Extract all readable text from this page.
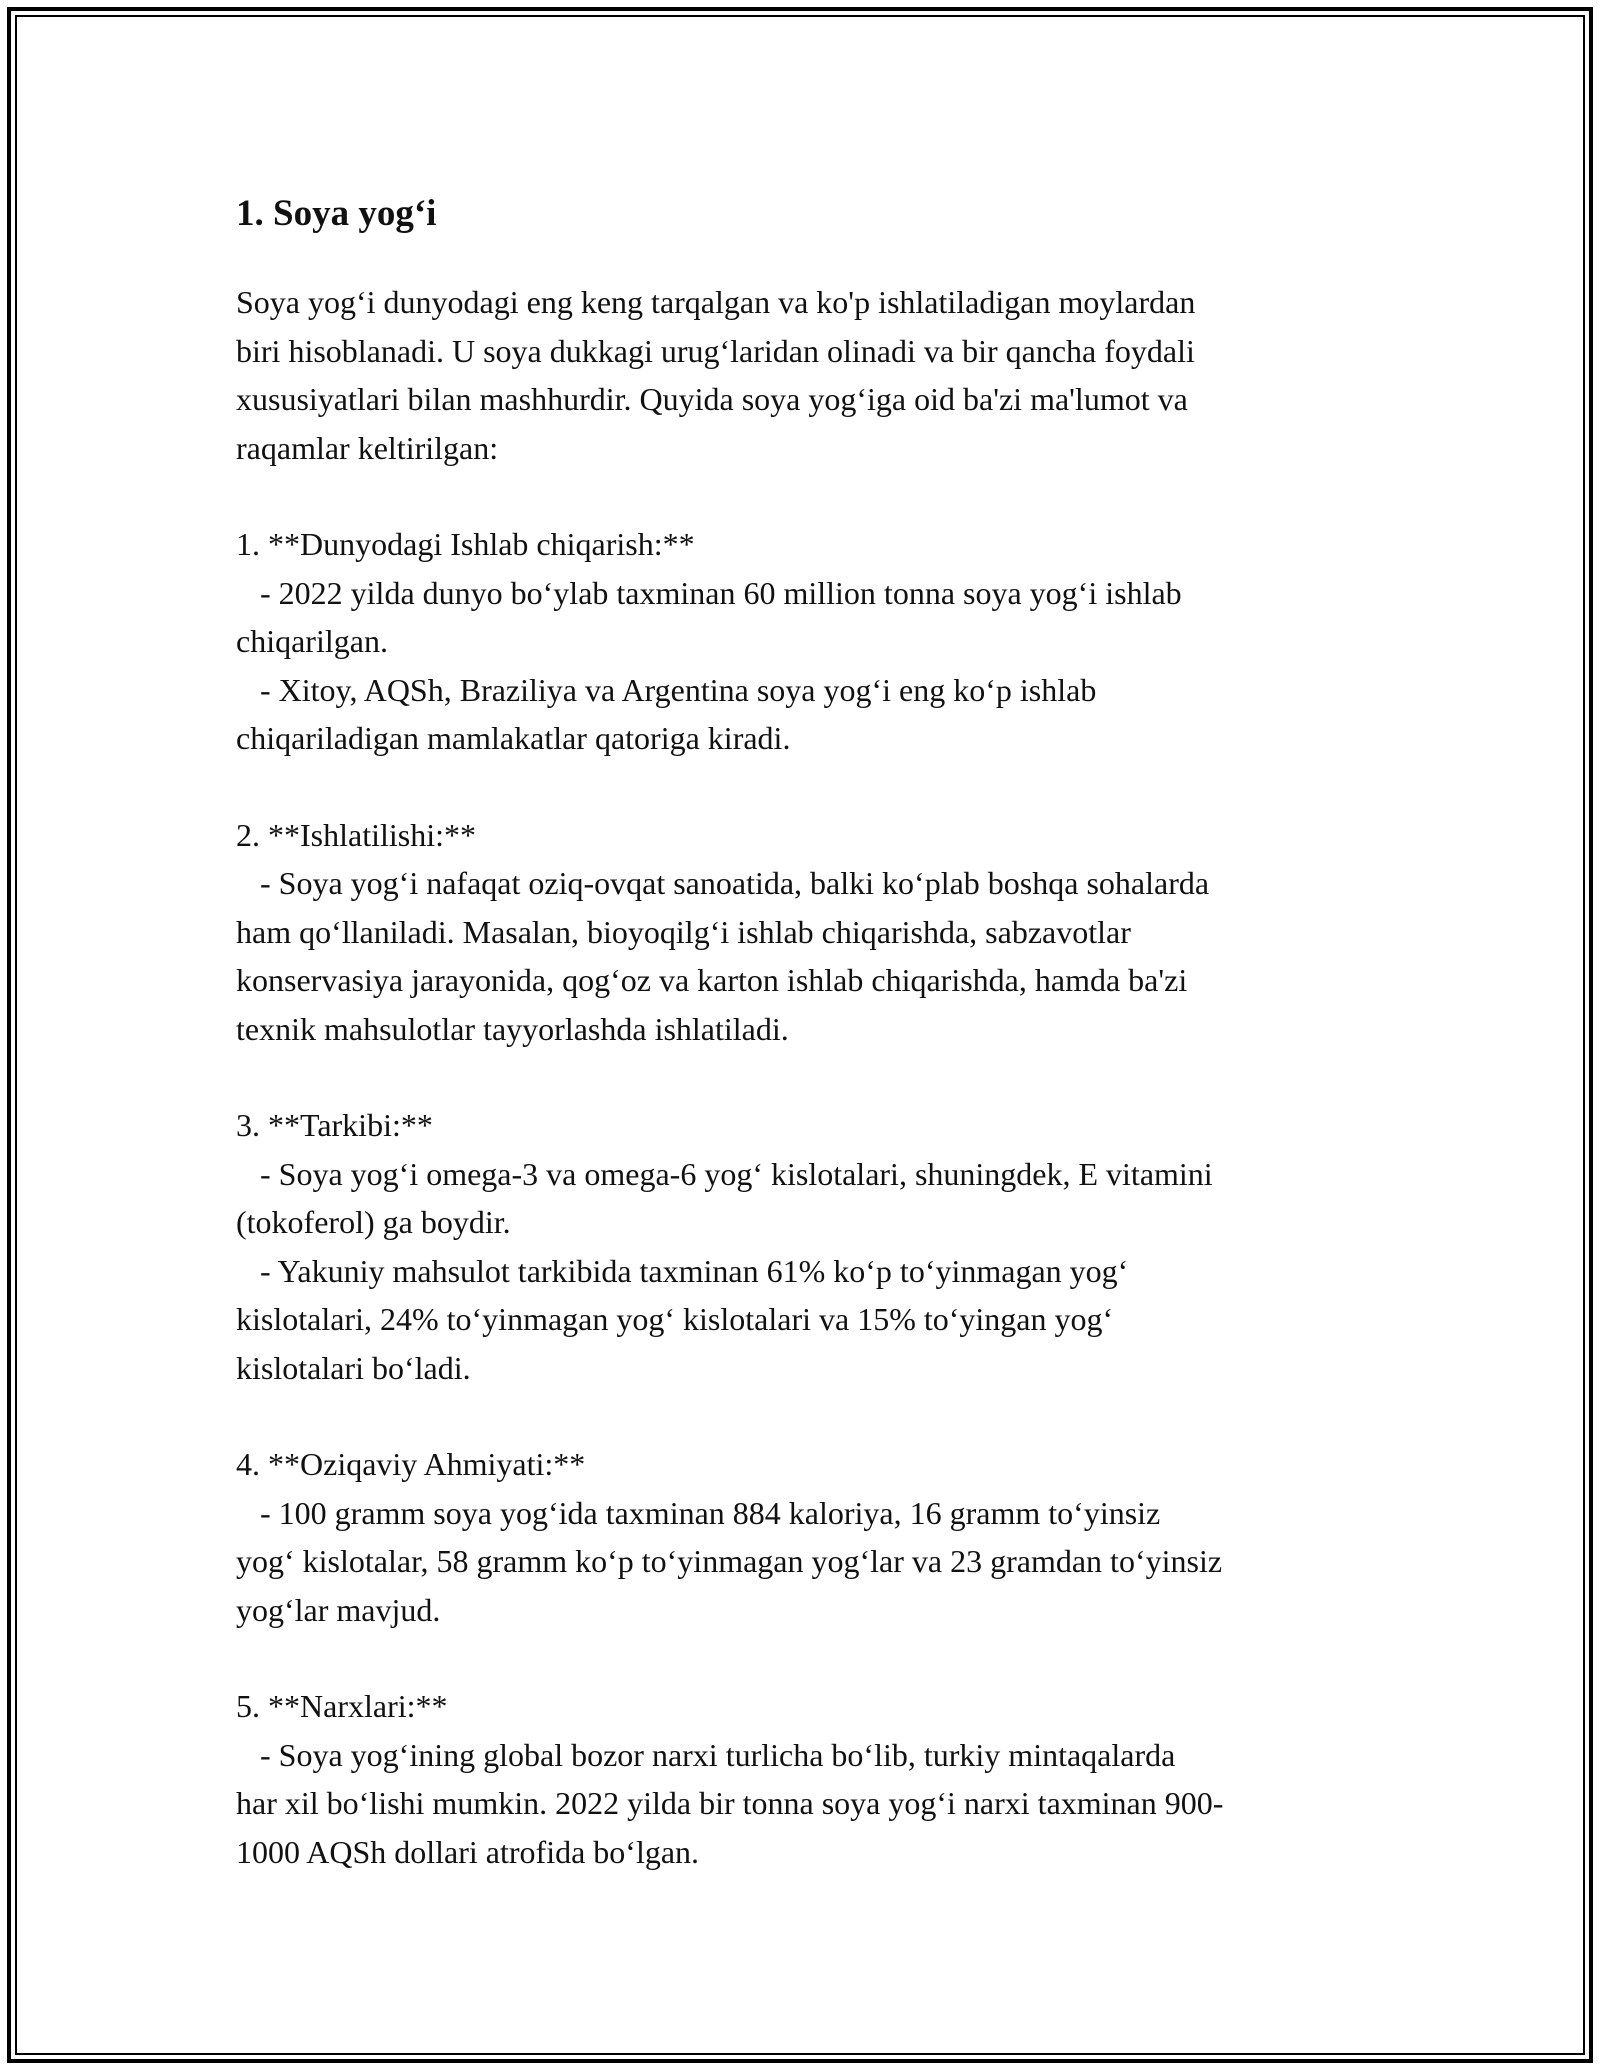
1. Soya yog‘i

Soya yog‘i dunyodagi eng keng tarqalgan va ko'p ishlatiladigan moylardan
biri hisoblanadi. U soya dukkagi urug‘laridan olinadi va bir qancha foydali
xususiyatlari bilan mashhurdir. Quyida soya yog‘iga oid ba'zi ma'lumot va
raqamlar keltirilgan:

1. **Dunyodagi Ishlab chiqarish:**
- 2022 yilda dunyo bo‘ylab taxminan 60 million tonna soya yog‘i ishlab
chiqarilgan.
- Xitoy, AQSh, Braziliya va Argentina soya yog‘i eng ko‘p ishlab
chiqariladigan mamlakatlar qatoriga kiradi.
2. **Ishlatilishi:**
- Soya yog‘i nafaqat oziq-ovqat sanoatida, balki ko‘plab boshqa sohalarda
ham qo‘llaniladi. Masalan, bioyoqilg‘i ishlab chiqarishda, sabzavotlar
konservasiya jarayonida, qog‘oz va karton ishlab chiqarishda, hamda ba'zi
texnik mahsulotlar tayyorlashda ishlatiladi.
3. **Tarkibi:**
- Soya yog‘i omega-3 va omega-6 yog‘ kislotalari, shuningdek, E vitamini
(tokoferol) ga boydir.
- Yakuniy mahsulot tarkibida taxminan 61% ko‘p to‘yinmagan yog‘
kislotalari, 24% to‘yinmagan yog‘ kislotalari va 15% to‘yingan yog‘
kislotalari bo‘ladi.
4. **Oziqaviy Ahmiyati:**
- 100 gramm soya yog‘ida taxminan 884 kaloriya, 16 gramm to‘yinsiz
yog‘ kislotalar, 58 gramm ko‘p to‘yinmagan yog‘lar va 23 gramdan to‘yinsiz
yog‘lar mavjud.
5. **Narxlari:**
- Soya yog‘ining global bozor narxi turlicha bo‘lib, turkiy mintaqalarda
har xil bo‘lishi mumkin. 2022 yilda bir tonna soya yog‘i narxi taxminan 900-
1000 AQSh dollari atrofida bo‘lgan.
